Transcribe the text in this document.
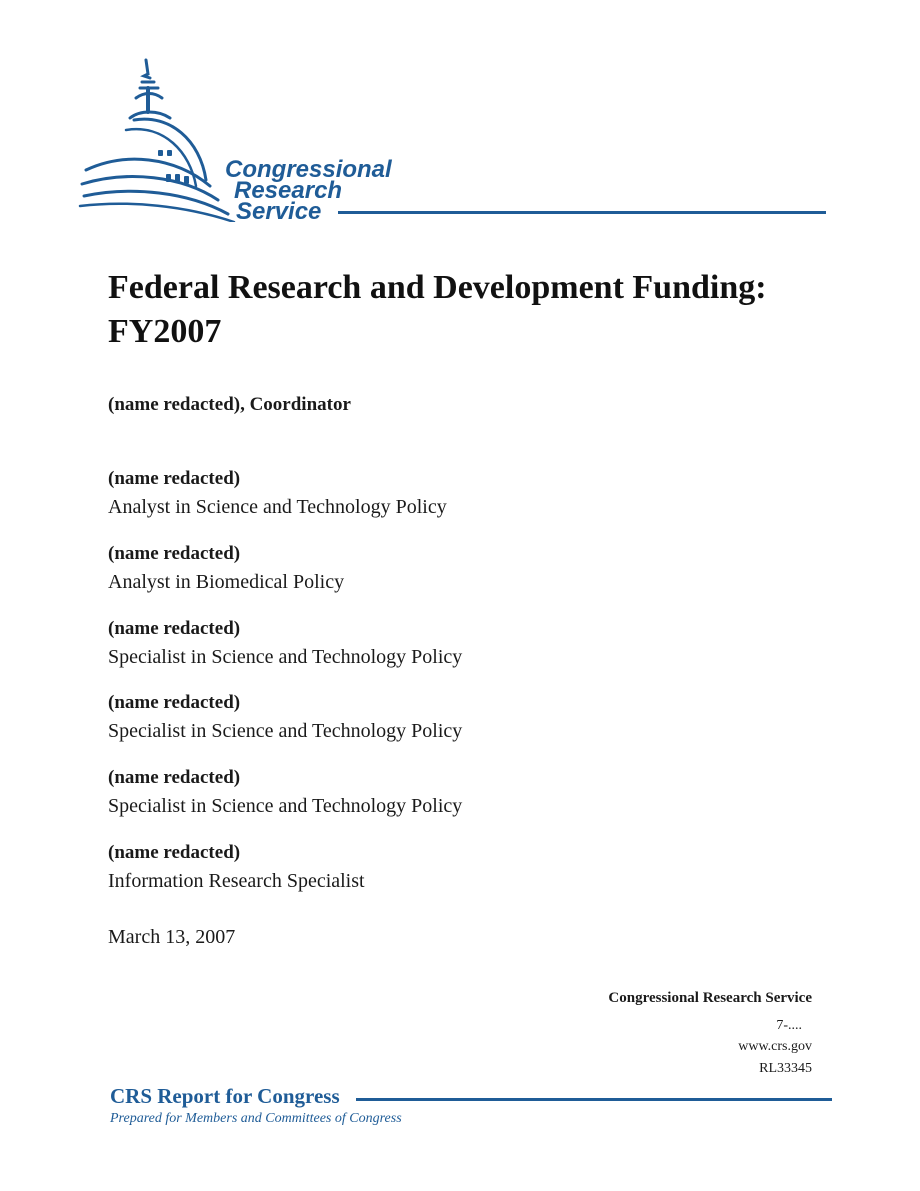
Congressional
Research
Service
Federal Research and Development Funding: FY2007
(name redacted), Coordinator
(name redacted)
Analyst in Science and Technology Policy
(name redacted)
Analyst in Biomedical Policy
(name redacted)
Specialist in Science and Technology Policy
(name redacted)
Specialist in Science and Technology Policy
(name redacted)
Specialist in Science and Technology Policy
(name redacted)
Information Research Specialist
March 13, 2007
Congressional Research Service
7-....
www.crs.gov
RL33345
CRS Report for Congress
Prepared for Members and Committees of Congress
